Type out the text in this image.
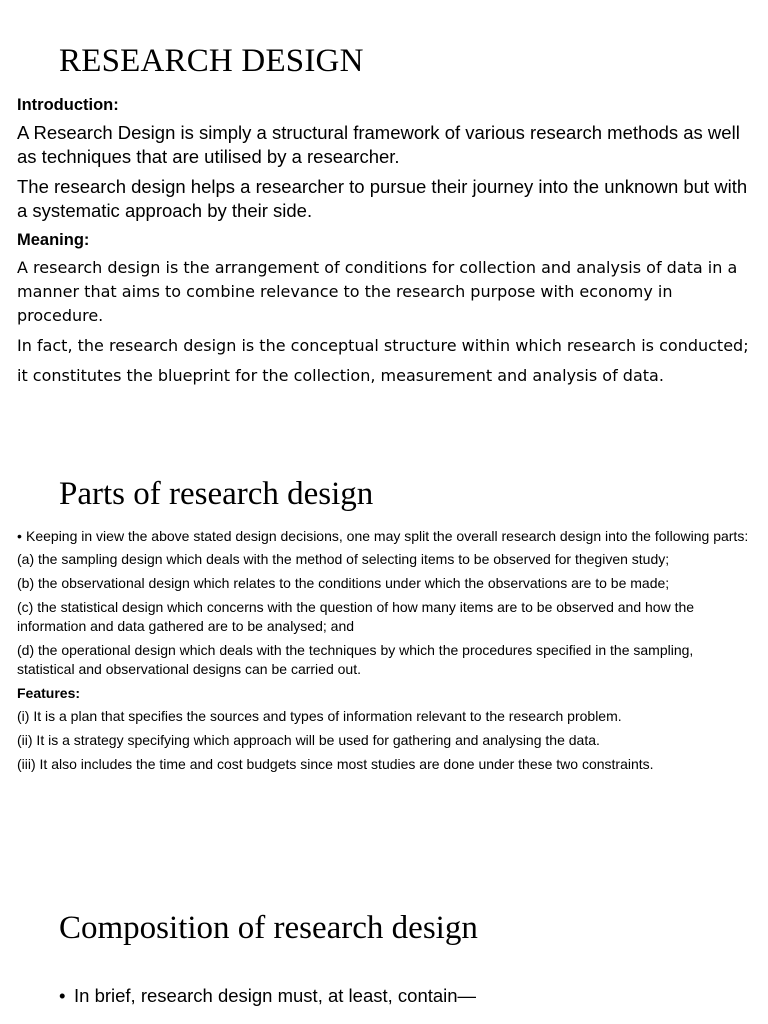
RESEARCH DESIGN

Introduction:

A Research Design is simply a structural framework of various research methods as well as techniques that are utilised by a researcher.

The research design helps a researcher to pursue their journey into the unknown but with a systematic approach by their side.

Meaning:

A research design is the arrangement of conditions for collection and analysis of data in a manner that aims to combine relevance to the research purpose with economy in procedure.

In fact, the research design is the conceptual structure within which research is conducted;

it constitutes the blueprint for the collection, measurement and analysis of data.

Parts of research design
• Keeping in view the above stated design decisions, one may split the overall research design into the following parts:

(a) the sampling design which deals with the method of selecting items to be observed for thegiven study;

(b) the observational design which relates to the conditions under which the observations are to be made;

(c) the statistical design which concerns with the question of how many items are to be observed and how the information and data gathered are to be analysed; and

(d) the operational design which deals with the techniques by which the procedures specified in the sampling, statistical and observational designs can be carried out.

Features:

(i) It is a plan that specifies the sources and types of information relevant to the research problem.

(ii) It is a strategy specifying which approach will be used for gathering and analysing the data.

(iii) It also includes the time and cost budgets since most studies are done under these two constraints.

Composition of research design
• In brief, research design must, at least, contain—
